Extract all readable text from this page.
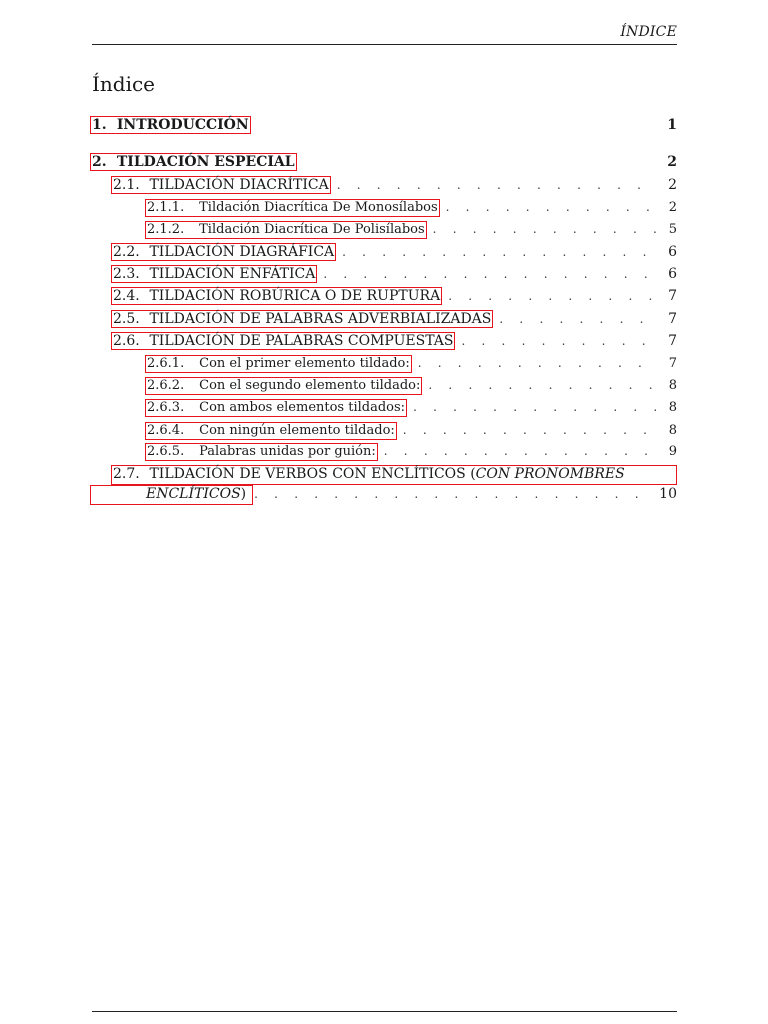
ÍNDICE
Índice
1. INTRODUCCIÓN	1
2. TILDACIÓN ESPECIAL	2
2.1. TILDACIÓN DIACRÍTICA . . .	2
2.1.1. Tildación Diacrítica De Monosílabos . . .	2
2.1.2. Tildación Diacrítica De Polisílabos . . .	5
2.2. TILDACIÓN DIAGRÁFICA . . .	6
2.3. TILDACIÓN ENFÁTICA . . .	6
2.4. TILDACIÓN ROBÚRICA O DE RUPTURA . . .	7
2.5. TILDACIÓN DE PALABRAS ADVERBIALIZADAS . . .	7
2.6. TILDACIÓN DE PALABRAS COMPUESTAS . . .	7
2.6.1. Con el primer elemento tildado: . . .	7
2.6.2. Con el segundo elemento tildado: . . .	8
2.6.3. Con ambos elementos tildados: . . .	8
2.6.4. Con ningún elemento tildado: . . .	8
2.6.5. Palabras unidas por guión: . . .	9
2.7. TILDACIÓN DE VERBOS CON ENCLÍTICOS (CON PRONOMBRES
ENCLÍTICOS ) . . .	10
